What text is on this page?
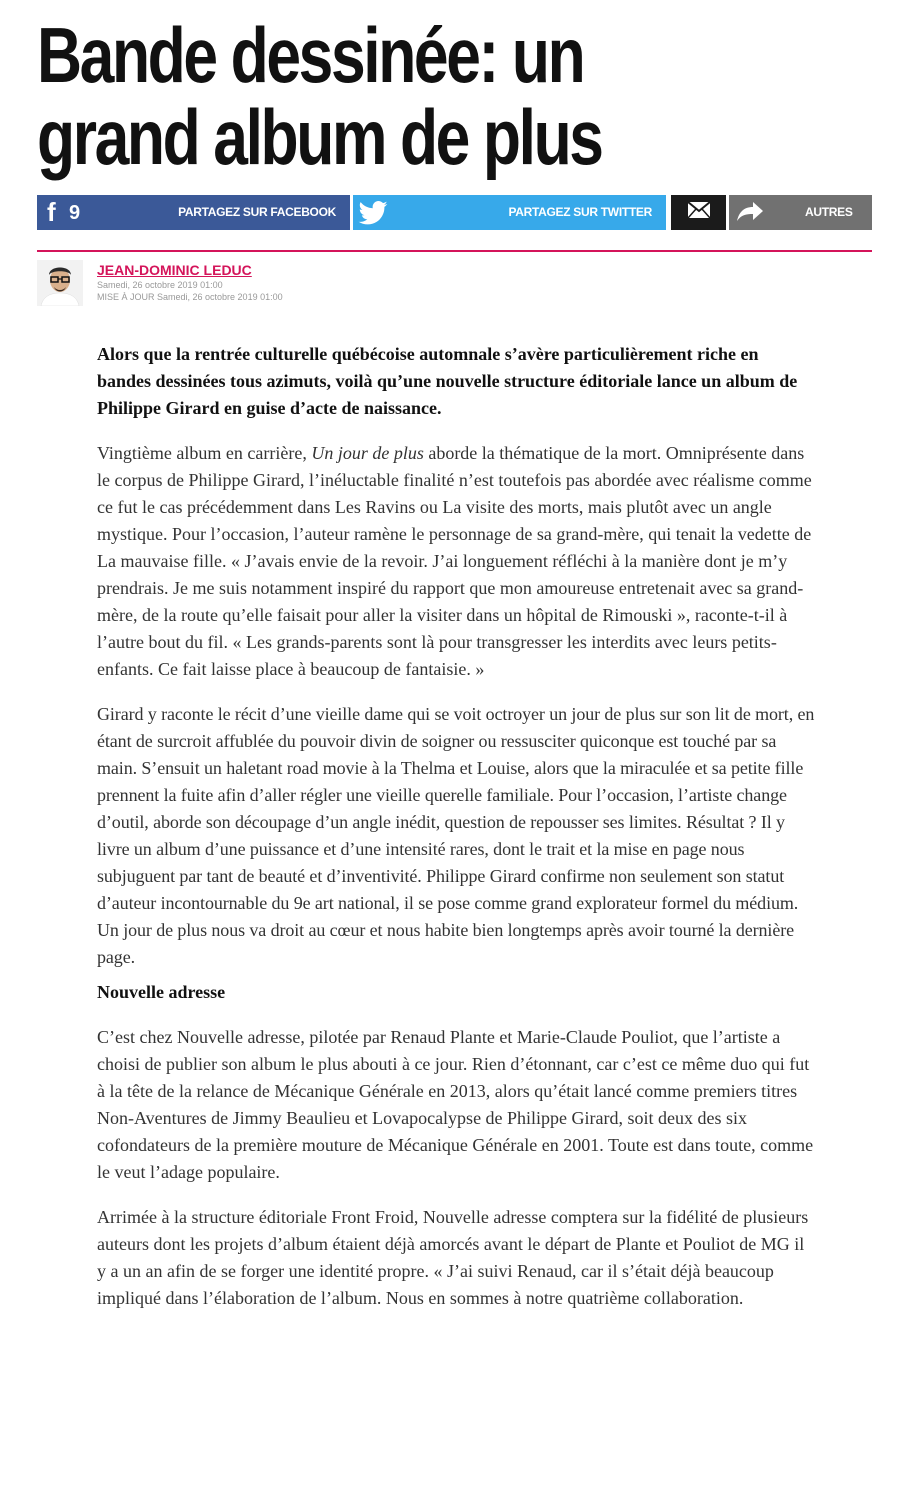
Bande dessinée: un grand album de plus
f 9	PARTAGEZ SUR FACEBOOK	PARTAGEZ SUR TWITTER	AUTRES
JEAN-DOMINIC LEDUC
Samedi, 26 octobre 2019 01:00
MISE À JOUR Samedi, 26 octobre 2019 01:00

Alors que la rentrée culturelle québécoise automnale s’avère particulièrement riche en bandes dessinées tous azimuts, voilà qu’une nouvelle structure éditoriale lance un album de Philippe Girard en guise d’acte de naissance.

Vingtième album en carrière, Un jour de plus aborde la thématique de la mort. Omniprésente dans le corpus de Philippe Girard, l’inéluctable finalité n’est toutefois pas abordée avec réalisme comme ce fut le cas précédemment dans Les Ravins ou La visite des morts, mais plutôt avec un angle mystique. Pour l’occasion, l’auteur ramène le personnage de sa grand-mère, qui tenait la vedette de La mauvaise fille. « J’avais envie de la revoir. J’ai longuement réfléchi à la manière dont je m’y prendrais. Je me suis notamment inspiré du rapport que mon amoureuse entretenait avec sa grand-mère, de la route qu’elle faisait pour aller la visiter dans un hôpital de Rimouski », raconte-t-il à l’autre bout du fil. « Les grands-parents sont là pour transgresser les interdits avec leurs petits-enfants. Ce fait laisse place à beaucoup de fantaisie. »

Girard y raconte le récit d’une vieille dame qui se voit octroyer un jour de plus sur son lit de mort, en étant de surcroit affublée du pouvoir divin de soigner ou ressusciter quiconque est touché par sa main. S’ensuit un haletant road movie à la Thelma et Louise, alors que la miraculée et sa petite fille prennent la fuite afin d’aller régler une vieille querelle familiale. Pour l’occasion, l’artiste change d’outil, aborde son découpage d’un angle inédit, question de repousser ses limites. Résultat ? Il y livre un album d’une puissance et d’une intensité rares, dont le trait et la mise en page nous subjuguent par tant de beauté et d’inventivité. Philippe Girard confirme non seulement son statut d’auteur incontournable du 9e art national, il se pose comme grand explorateur formel du médium. Un jour de plus nous va droit au cœur et nous habite bien longtemps après avoir tourné la dernière page.

Nouvelle adresse

C’est chez Nouvelle adresse, pilotée par Renaud Plante et Marie-Claude Pouliot, que l’artiste a choisi de publier son album le plus abouti à ce jour. Rien d’étonnant, car c’est ce même duo qui fut à la tête de la relance de Mécanique Générale en 2013, alors qu’était lancé comme premiers titres Non-Aventures de Jimmy Beaulieu et Lovapocalypse de Philippe Girard, soit deux des six cofondateurs de la première mouture de Mécanique Générale en 2001. Toute est dans toute, comme le veut l’adage populaire.

Arrimée à la structure éditoriale Front Froid, Nouvelle adresse comptera sur la fidélité de plusieurs auteurs dont les projets d’album étaient déjà amorcés avant le départ de Plante et Pouliot de MG il y a un an afin de se forger une identité propre. « J’ai suivi Renaud, car il s’était déjà beaucoup impliqué dans l’élaboration de l’album. Nous en sommes à notre quatrième collaboration.
